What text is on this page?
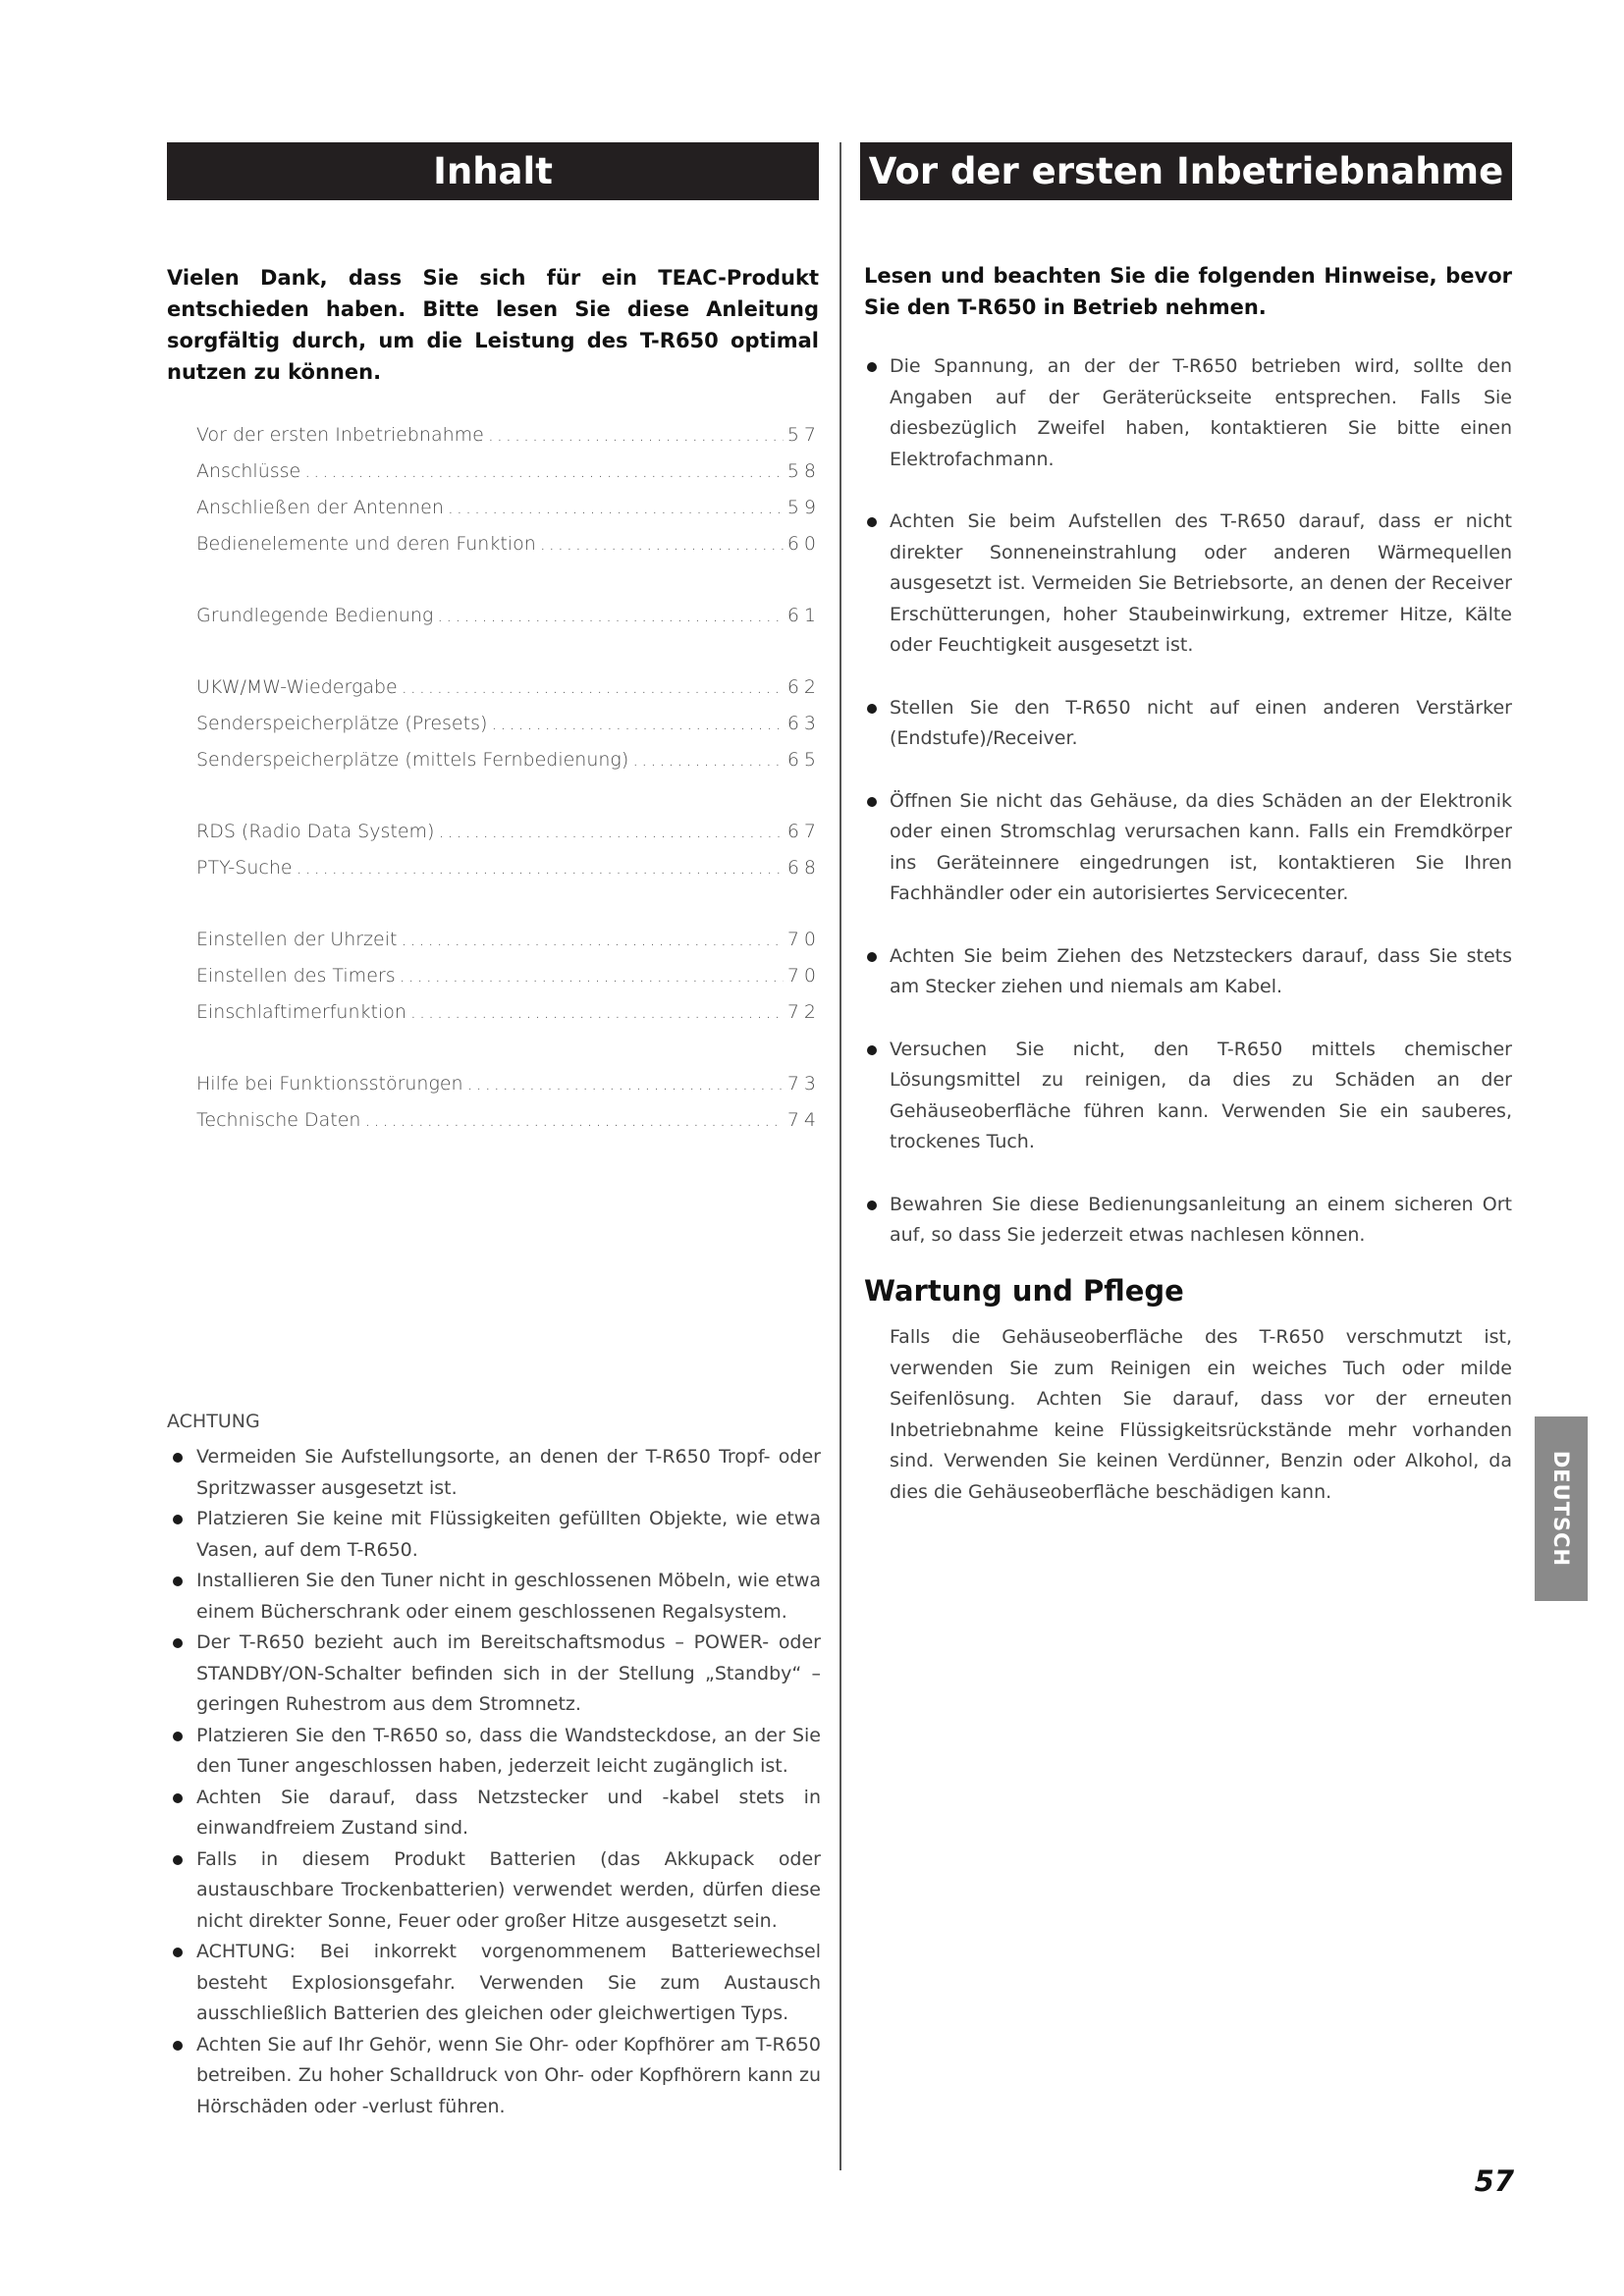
Inhalt	Vor der ersten Inbetriebnahme
Vielen Dank, dass Sie sich für ein TEAC-Produkt entschieden haben. Bitte lesen Sie diese Anleitung sorgfältig durch, um die Leistung des T-R650 optimal nutzen zu können.
Lesen und beachten Sie die folgenden Hinweise, bevor Sie den T-R650 in Betrieb nehmen.
Vor der ersten Inbetriebnahme .....	57
Anschlüsse .....	58
Anschließen der Antennen .....	59
Bedienelemente und deren Funktion .....	60
Grundlegende Bedienung .....	61
UKW/MW-Wiedergabe .....	62
Senderspeicherplätze (Presets) .....	63
Senderspeicherplätze (mittels Fernbedienung) .....	65
RDS (Radio Data System) .....	67
PTY-Suche .....	68
Einstellen der Uhrzeit .....	70
Einstellen des Timers .....	70
Einschlaftimerfunktion .....	72
Hilfe bei Funktionsstörungen .....	73
Technische Daten .....	74
ACHTUNG
Vermeiden Sie Aufstellungsorte, an denen der T-R650 Tropf- oder Spritzwasser ausgesetzt ist.
Platzieren Sie keine mit Flüssigkeiten gefüllten Objekte, wie etwa Vasen, auf dem T-R650.
Installieren Sie den Tuner nicht in geschlossenen Möbeln, wie etwa einem Bücherschrank oder einem geschlossenen Regalsystem.
Der T-R650 bezieht auch im Bereitschaftsmodus – POWER- oder STANDBY/ON-Schalter befinden sich in der Stellung „Standby“ – geringen Ruhestrom aus dem Stromnetz.
Platzieren Sie den T-R650 so, dass die Wandsteckdose, an der Sie den Tuner angeschlossen haben, jederzeit leicht zugänglich ist.
Achten Sie darauf, dass Netzstecker und -kabel stets in einwandfreiem Zustand sind.
Falls in diesem Produkt Batterien (das Akkupack oder austauschbare Trockenbatterien) verwendet werden, dürfen diese nicht direkter Sonne, Feuer oder großer Hitze ausgesetzt sein.
ACHTUNG: Bei inkorrekt vorgenommenem Batteriewechsel besteht Explosionsgefahr. Verwenden Sie zum Austausch ausschließlich Batterien des gleichen oder gleichwertigen Typs.
Achten Sie auf Ihr Gehör, wenn Sie Ohr- oder Kopfhörer am T-R650 betreiben. Zu hoher Schalldruck von Ohr- oder Kopfhörern kann zu Hörschäden oder -verlust führen.
Die Spannung, an der der T-R650 betrieben wird, sollte den Angaben auf der Geräterückseite entsprechen. Falls Sie diesbezüglich Zweifel haben, kontaktieren Sie bitte einen Elektrofachmann.
Achten Sie beim Aufstellen des T-R650 darauf, dass er nicht direkter Sonneneinstrahlung oder anderen Wärmequellen ausgesetzt ist. Vermeiden Sie Betriebsorte, an denen der Receiver Erschütterungen, hoher Staubeinwirkung, extremer Hitze, Kälte oder Feuchtigkeit ausgesetzt ist.
Stellen Sie den T-R650 nicht auf einen anderen Verstärker (Endstufe)/Receiver.
Öffnen Sie nicht das Gehäuse, da dies Schäden an der Elektronik oder einen Stromschlag verursachen kann. Falls ein Fremdkörper ins Geräteinnere eingedrungen ist, kontaktieren Sie Ihren Fachhändler oder ein autorisiertes Servicecenter.
Achten Sie beim Ziehen des Netzsteckers darauf, dass Sie stets am Stecker ziehen und niemals am Kabel.
Versuchen Sie nicht, den T-R650 mittels chemischer Lösungsmittel zu reinigen, da dies zu Schäden an der Gehäuseoberfläche führen kann. Verwenden Sie ein sauberes, trockenes Tuch.
Bewahren Sie diese Bedienungsanleitung an einem sicheren Ort auf, so dass Sie jederzeit etwas nachlesen können.
Wartung und Pflege
Falls die Gehäuseoberfläche des T-R650 verschmutzt ist, verwenden Sie zum Reinigen ein weiches Tuch oder milde Seifenlösung. Achten Sie darauf, dass vor der erneuten Inbetriebnahme keine Flüssigkeitsrückstände mehr vorhanden sind. Verwenden Sie keinen Verdünner, Benzin oder Alkohol, da dies die Gehäuseoberfläche beschädigen kann.	DEUTSCH
57
